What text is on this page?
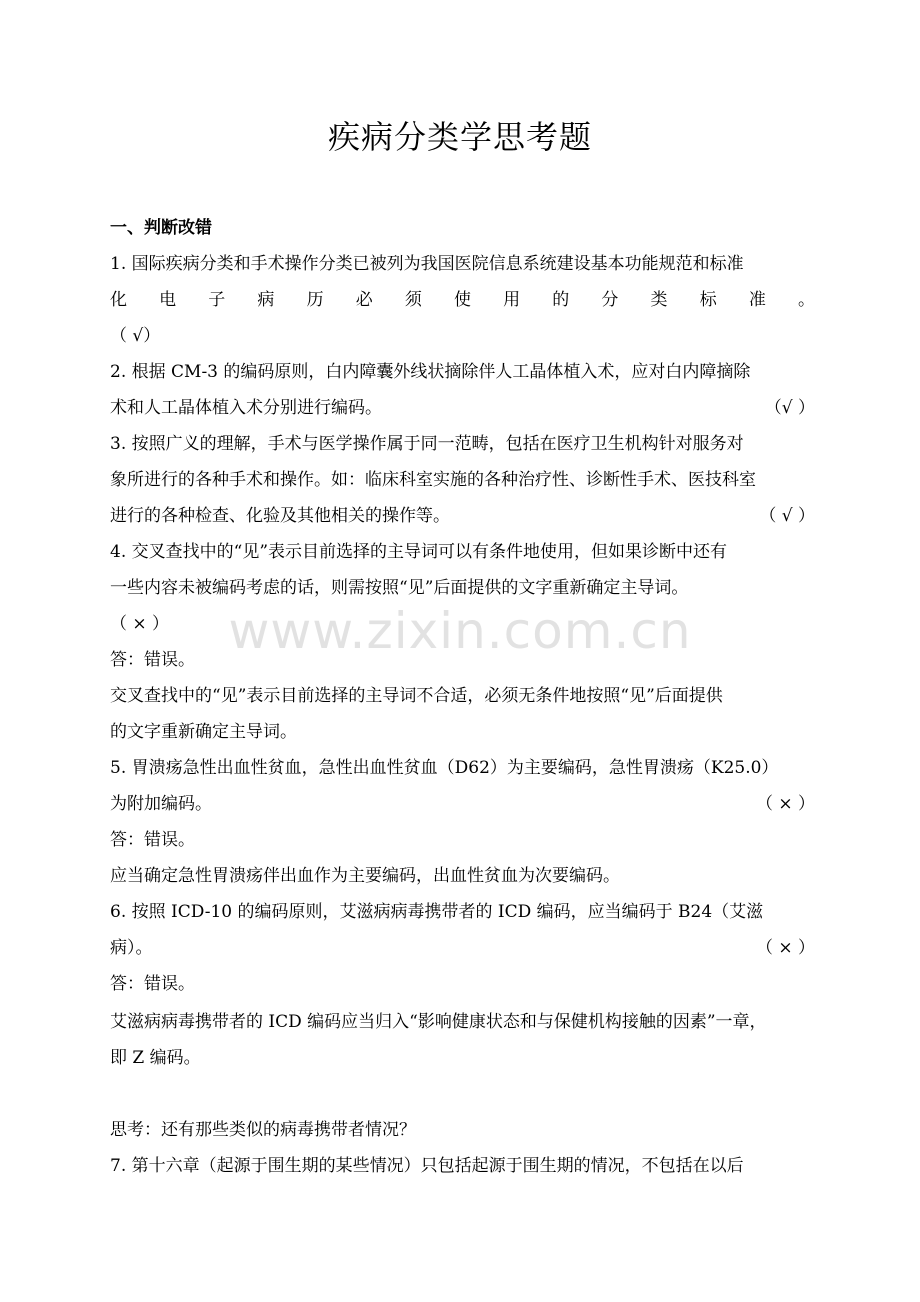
www.zixin.com.cn
疾病分类学思考题
一、判断改错
1. 国际疾病分类和手术操作分类已被列为我国医院信息系统建设基本功能规范和标准
化 电 子 病 历 必 须 使 用 的 分 类 标 准 。
（ √）
2. 根据 CM-3 的编码原则，白内障囊外线状摘除伴人工晶体植入术，应对白内障摘除
术和人工晶体植入术分别进行编码。	（√ ）
3. 按照广义的理解，手术与医学操作属于同一范畴，包括在医疗卫生机构针对服务对
象所进行的各种手术和操作。如：临床科室实施的各种治疗性、诊断性手术、医技科室
进行的各种检查、化验及其他相关的操作等。	（ √ ）
4. 交叉查找中的“见”表示目前选择的主导词可以有条件地使用，但如果诊断中还有
一些内容未被编码考虑的话，则需按照“见”后面提供的文字重新确定主导词。
（ × ）
答：错误。
交叉查找中的“见”表示目前选择的主导词不合适，必须无条件地按照“见”后面提供
的文字重新确定主导词。
5. 胃溃疡急性出血性贫血，急性出血性贫血（D62）为主要编码，急性胃溃疡（K25.0）
为附加编码。	（ × ）
答：错误。
应当确定急性胃溃疡伴出血作为主要编码，出血性贫血为次要编码。
6. 按照 ICD-10 的编码原则，艾滋病病毒携带者的 ICD 编码，应当编码于 B24（艾滋
病）。	（ × ）
答：错误。
艾滋病病毒携带者的 ICD 编码应当归入“影响健康状态和与保健机构接触的因素”一章，
即 Z 编码。
思考：还有那些类似的病毒携带者情况？
7. 第十六章（起源于围生期的某些情况）只包括起源于围生期的情况，不包括在以后
